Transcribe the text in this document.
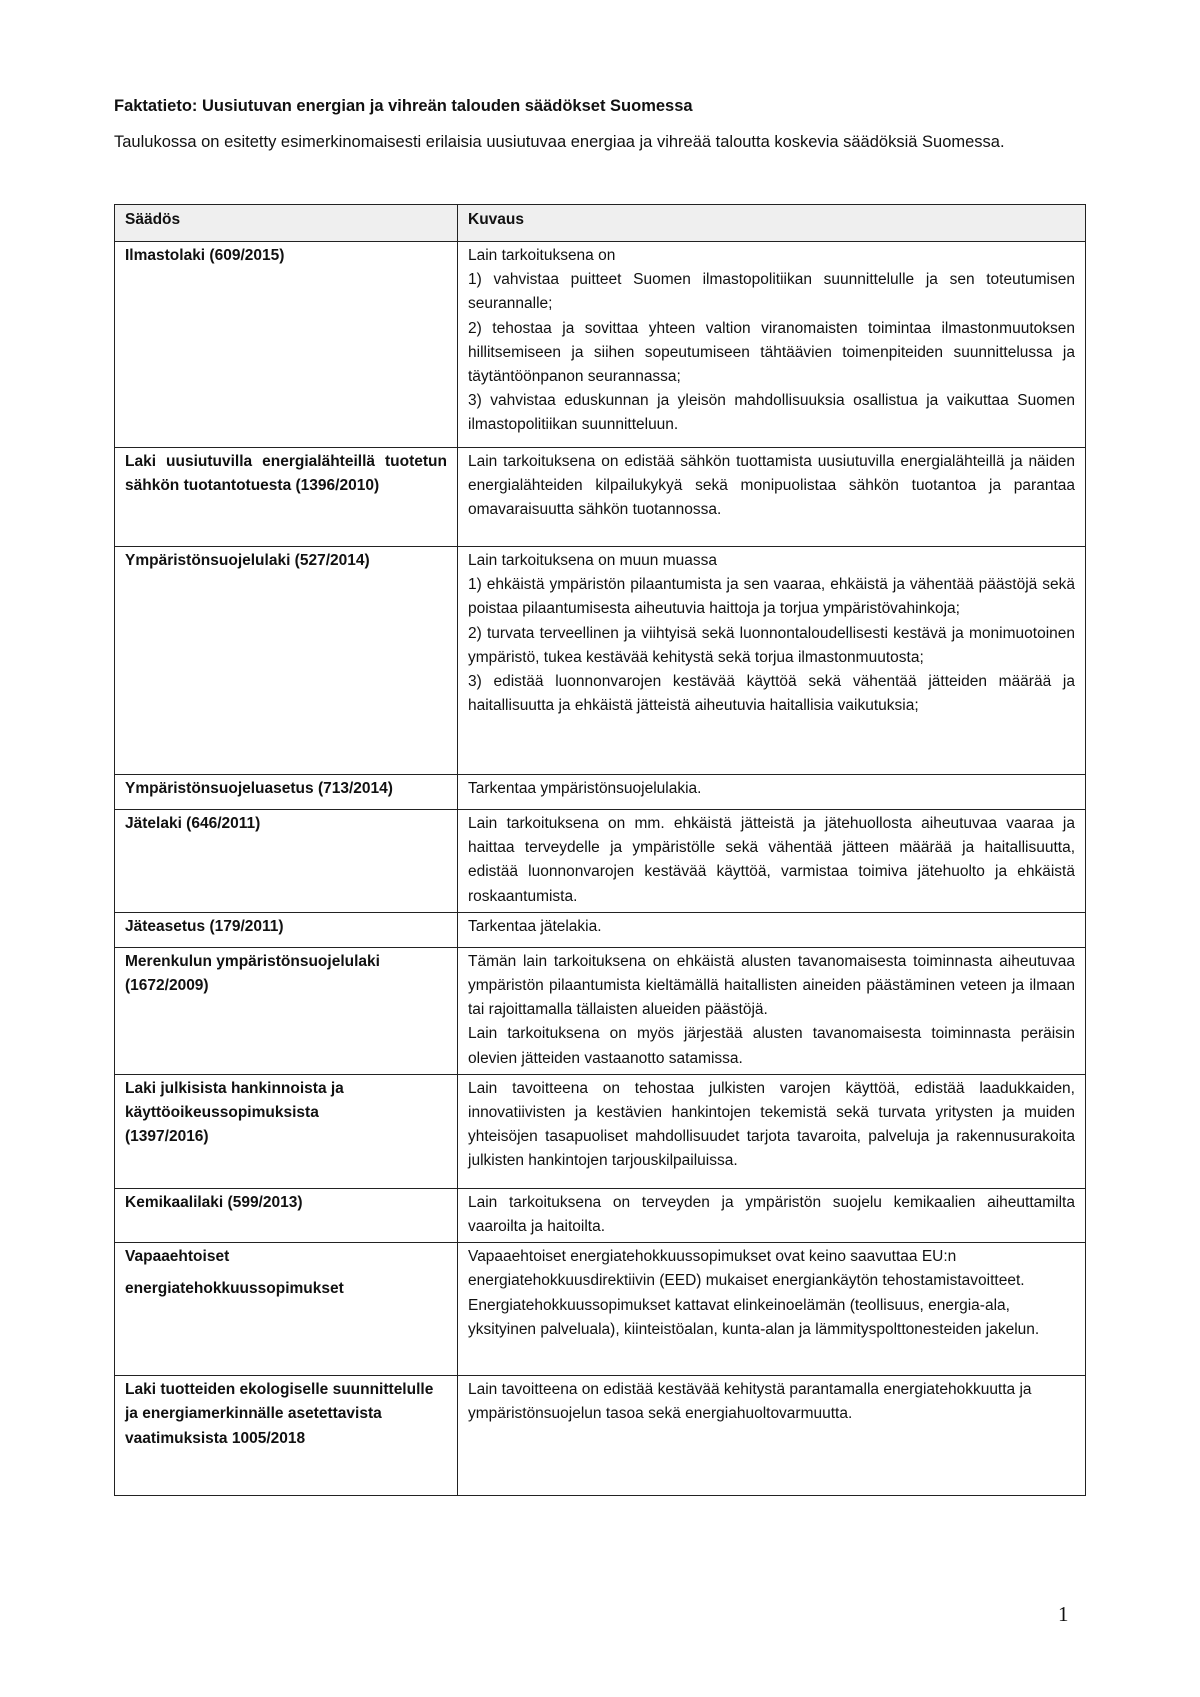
Faktatieto: Uusiutuvan energian ja vihreän talouden säädökset Suomessa
Taulukossa on esitetty esimerkinomaisesti erilaisia uusiutuvaa energiaa ja vihreää taloutta koskevia säädöksiä Suomessa.
Säädös	Kuvaus

Ilmastolaki (609/2015)	Lain tarkoituksena on
1) vahvistaa puitteet Suomen ilmastopolitiikan suunnittelulle ja sen toteutumisen seurannalle;
2) tehostaa ja sovittaa yhteen valtion viranomaisten toimintaa ilmastonmuutoksen hillitsemiseen ja siihen sopeutumiseen tähtäävien toimenpiteiden suunnittelussa ja täytäntöönpanon seurannassa;
3) vahvistaa eduskunnan ja yleisön mahdollisuuksia osallistua ja vaikuttaa Suomen ilmastopolitiikan suunnitteluun.

Laki uusiutuvilla energialähteillä tuotetun sähkön tuotantotuesta (1396/2010)	Lain tarkoituksena on edistää sähkön tuottamista uusiutuvilla energialähteillä ja näiden energialähteiden kilpailukykyä sekä monipuolistaa sähkön tuotantoa ja parantaa omavaraisuutta sähkön tuotannossa.

Ympäristönsuojelulaki (527/2014)	Lain tarkoituksena on muun muassa
1) ehkäistä ympäristön pilaantumista ja sen vaaraa, ehkäistä ja vähentää päästöjä sekä poistaa pilaantumisesta aiheutuvia haittoja ja torjua ympäristövahinkoja;
2) turvata terveellinen ja viihtyisä sekä luonnontaloudellisesti kestävä ja monimuotoinen ympäristö, tukea kestävää kehitystä sekä torjua ilmastonmuutosta;
3) edistää luonnonvarojen kestävää käyttöä sekä vähentää jätteiden määrää ja haitallisuutta ja ehkäistä jätteistä aiheutuvia haitallisia vaikutuksia;

Ympäristönsuojeluasetus (713/2014)	Tarkentaa ympäristönsuojelulakia.

Jätelaki (646/2011)	Lain tarkoituksena on mm. ehkäistä jätteistä ja jätehuollosta aiheutuvaa vaaraa ja haittaa terveydelle ja ympäristölle sekä vähentää jätteen määrää ja haitallisuutta, edistää luonnonvarojen kestävää käyttöä, varmistaa toimiva jätehuolto ja ehkäistä roskaantumista.

Jäteasetus (179/2011)	Tarkentaa jätelakia.

Merenkulun ympäristönsuojelulaki (1672/2009)	Tämän lain tarkoituksena on ehkäistä alusten tavanomaisesta toiminnasta aiheutuvaa ympäristön pilaantumista kieltämällä haitallisten aineiden päästäminen veteen ja ilmaan tai rajoittamalla tällaisten alueiden päästöjä.
Lain tarkoituksena on myös järjestää alusten tavanomaisesta toiminnasta peräisin olevien jätteiden vastaanotto satamissa.

Laki julkisista hankinnoista ja käyttöoikeussopimuksista
(1397/2016)	Lain tavoitteena on tehostaa julkisten varojen käyttöä, edistää laadukkaiden, innovatiivisten ja kestävien hankintojen tekemistä sekä turvata yritysten ja muiden yhteisöjen tasapuoliset mahdollisuudet tarjota tavaroita, palveluja ja rakennusurakoita julkisten hankintojen tarjouskilpailuissa.

Kemikaalilaki (599/2013)	Lain tarkoituksena on terveyden ja ympäristön suojelu kemikaalien aiheuttamilta vaaroilta ja haitoilta.

Vapaaehtoiset
energiatehokkuussopimukset	Vapaaehtoiset energiatehokkuussopimukset ovat keino saavuttaa EU:n energiatehokkuusdirektiivin (EED) mukaiset energiankäytön tehostamistavoitteet. Energiatehokkuussopimukset kattavat elinkeinoelämän (teollisuus, energia-ala, yksityinen palveluala), kiinteistöalan, kunta-alan ja lämmityspolttonesteiden jakelun.

Laki tuotteiden ekologiselle suunnittelulle ja energiamerkinnälle asetettavista vaatimuksista 1005/2018	Lain tavoitteena on edistää kestävää kehitystä parantamalla energiatehokkuutta ja ympäristönsuojelun tasoa sekä energiahuoltovarmuutta.
1
